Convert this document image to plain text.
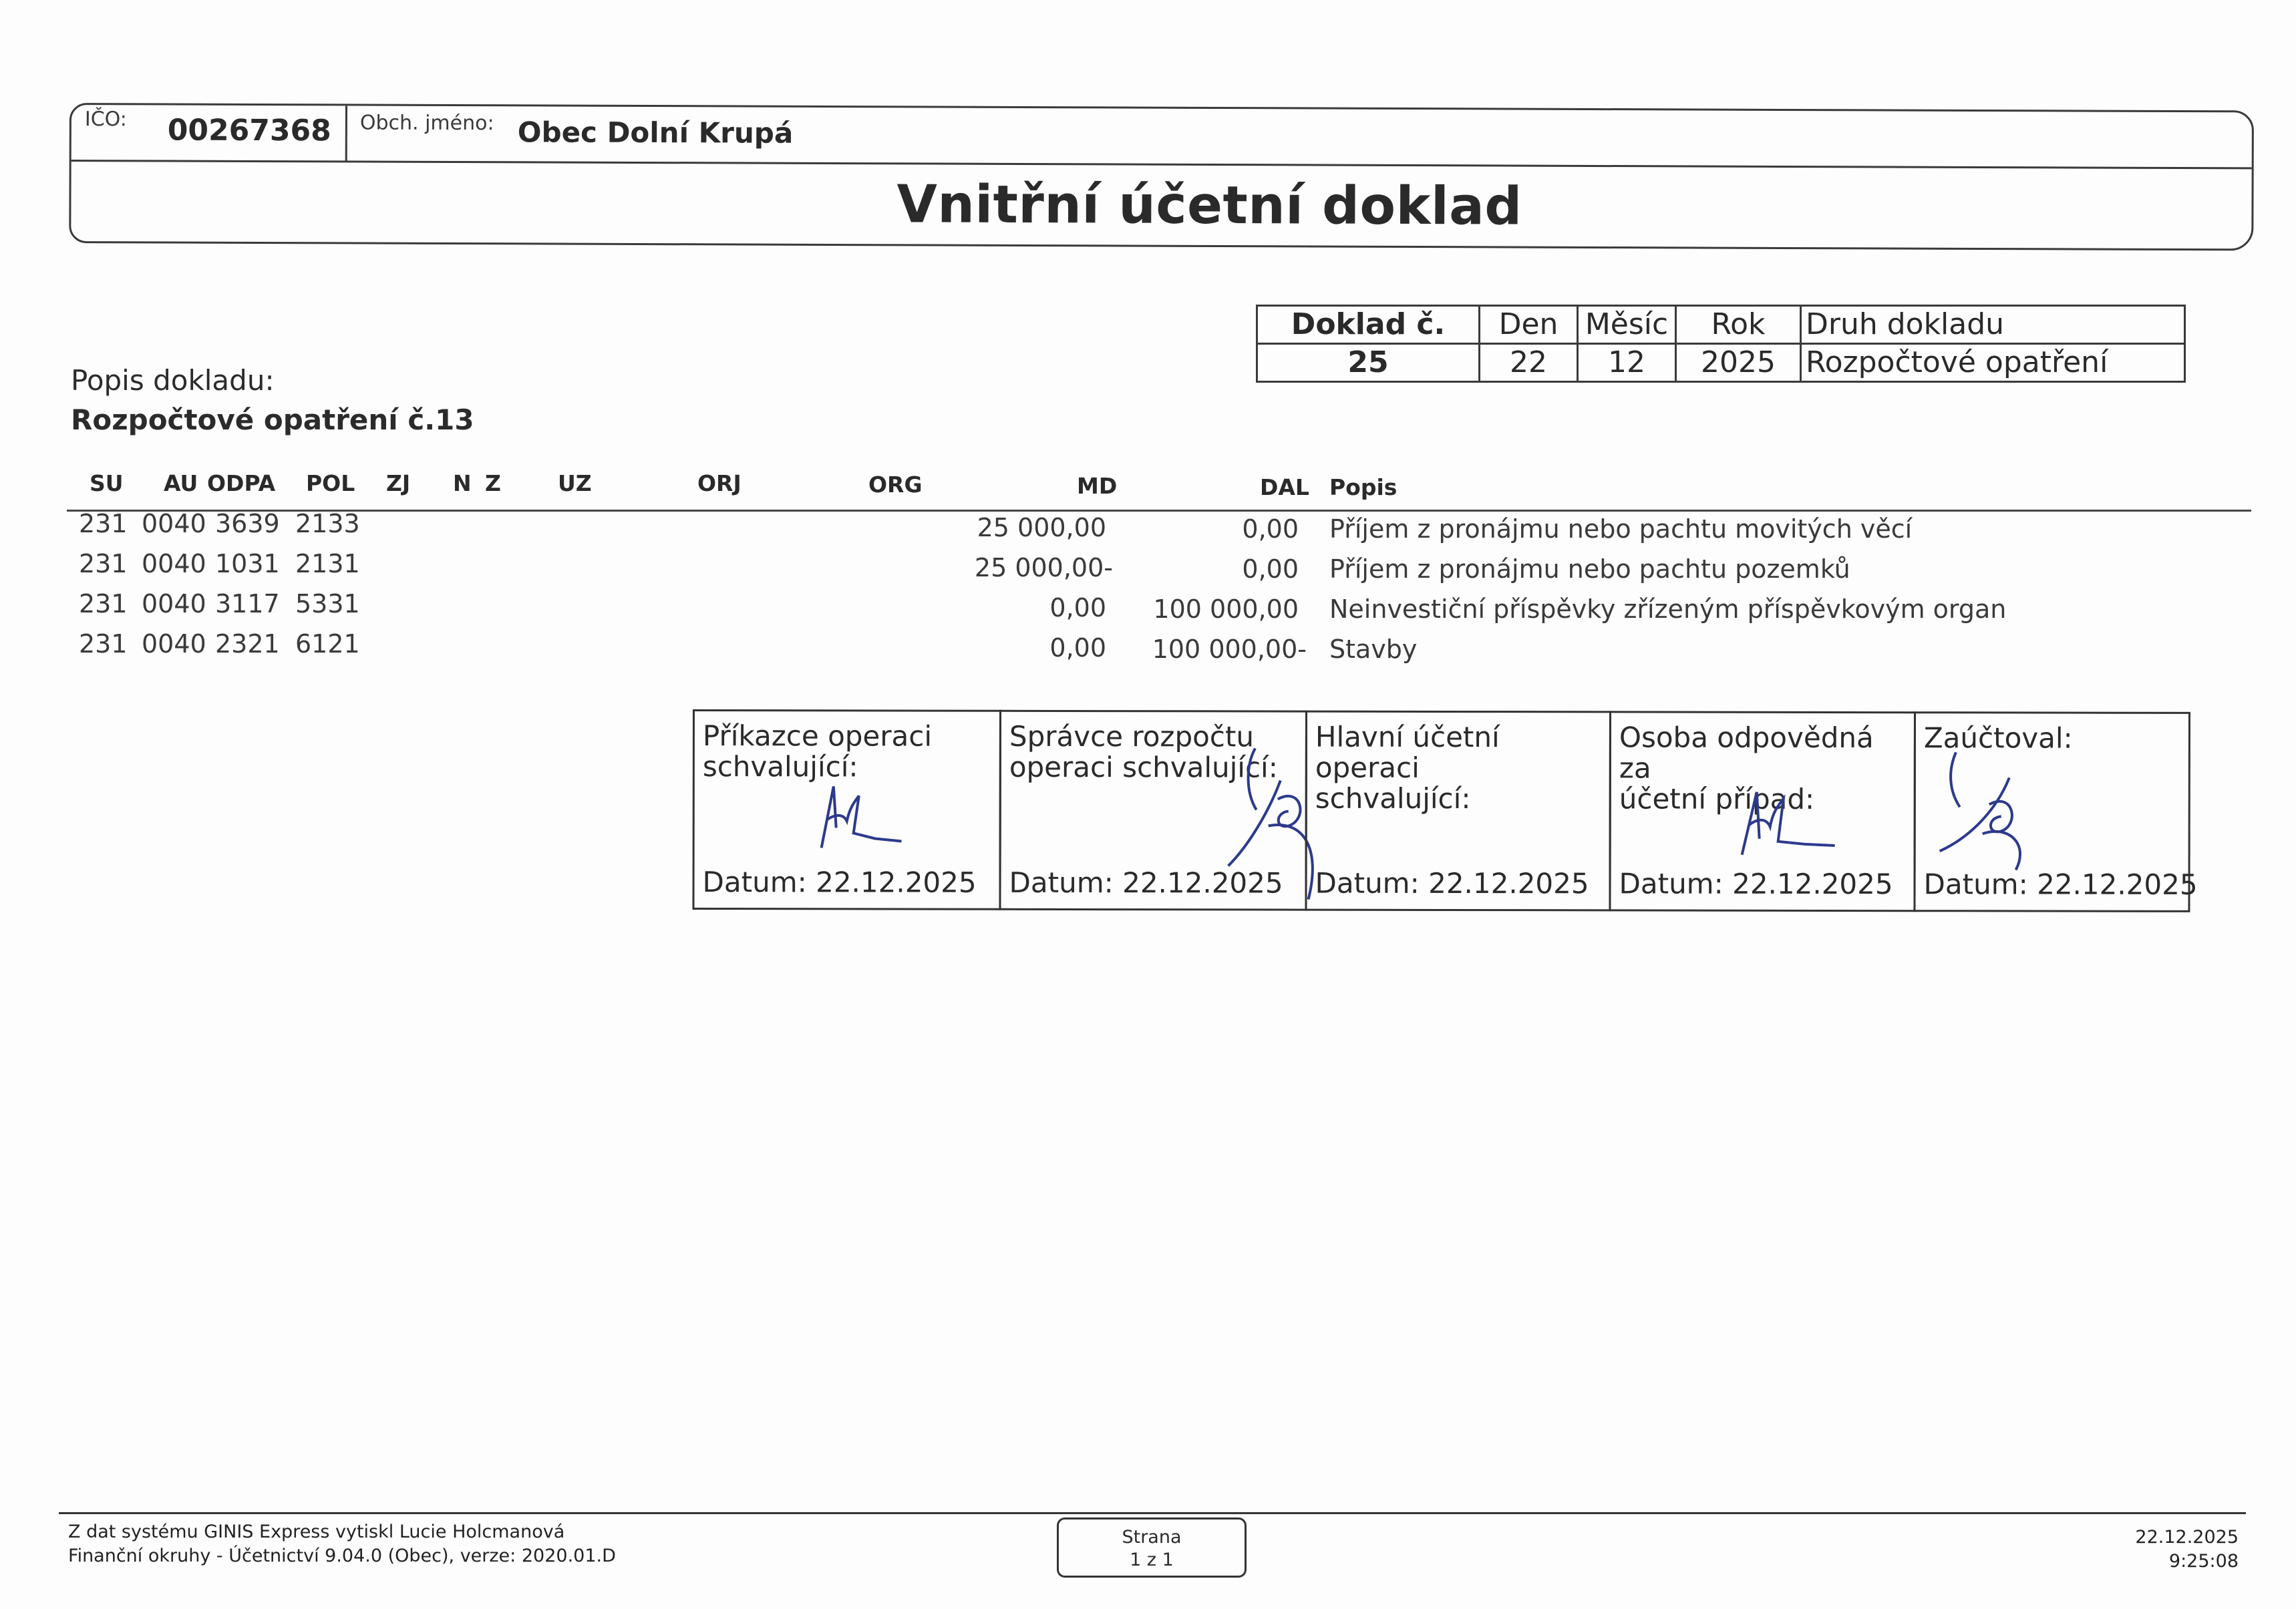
IČO: 00267368 Obch. jméno: Obec Dolní Krupá
Vnitřní účetní doklad
Doklad č.	Den	Měsíc	Rok	Druh dokladu
25	22	12	2025	Rozpočtové opatření
Popis dokladu:
Rozpočtové opatření č.13
SU AU ODPA POL ZJ N Z	UZ	ORJ	ORG	MD	DAL Popis
231 0040 3639 2133	25 000,00	0,00 Příjem z pronájmu nebo pachtu movitých věcí
231 0040 1031 2131	25 000,00-	0,00 Příjem z pronájmu nebo pachtu pozemků
231 0040 3117 5331	0,00	100 000,00 Neinvestiční příspěvky zřízeným příspěvkovým organ
231 0040 2321 6121	0,00	100 000,00- Stavby
Příkazce operaci
schvalující:
Datum: 22.12.2025
Správce rozpočtu
operaci schvalující:
Datum: 22.12.2025
Hlavní účetní operaci
schvalující:
Datum: 22.12.2025
Osoba odpovědná za
účetní případ:
Datum: 22.12.2025
Zaúčtoval:
Datum: 22.12.2025
Z dat systému GINIS Express vytiskl Lucie Holcmanová
Finanční okruhy - Účetnictví 9.04.0 (Obec), verze: 2020.01.D
Strana
1 z 1
22.12.2025
9:25:08
